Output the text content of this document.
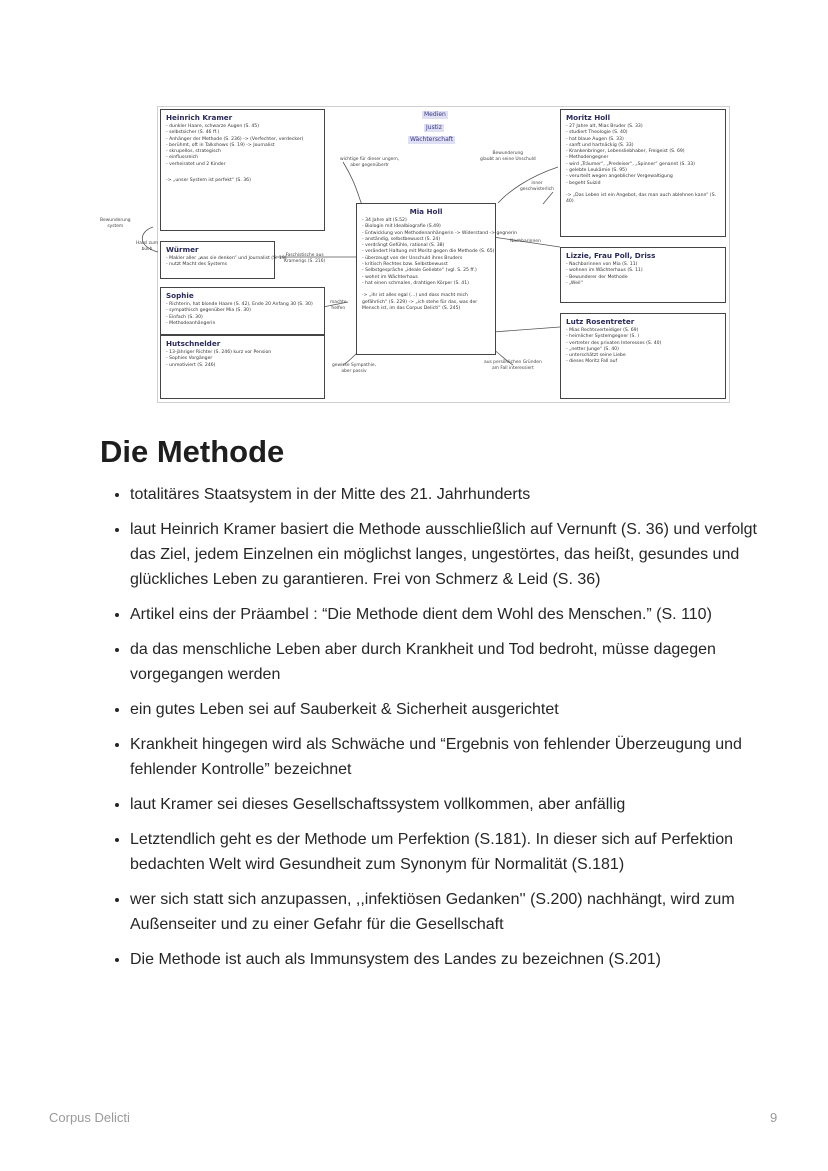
Medien
Justiz
Wächterschaft
Heinrich Kramer
- dunkler Haare, schwarze Augen (S. 45)
- selbstsicher (S. 46 ff.)
- Anhänger der Methode (S. 236) -> (Verfechter, verdecker)
- berühmt, oft in Talkshows (S. 19) -> Journalist
- skrupellos, strategisch
- einflussreich
- verheiratet und 2 Kinder
-> „unser System ist perfekt“ (S. 36)
Würmer
- Makler aller „was sie denken“ und Journalist (S. 19)
- nutzt Macht des Systems
Sophie
- Richterin, hat blonde Haare (S. 42), Ende 20 Anfang 30 (S. 30)
- sympathisch gegenüber Mia (S. 30)
- Einfach (S. 30)
- Methodeanhängerin
Hutschnelder
- 13-jähriger Richter (S. 246) kurz vor Pension
- Sophies Vorgänger
- unmotiviert (S. 246)
Mia Holl
- 34 Jahre alt (S.52)
- Biologin mit Idealbiografie (S.49)
- Entwicklung von Methodenanhängerin -> Widerstand -> gegnerin
- anständig, selbstbewusst (S. 24)
- verdrängt Gefühle, rational (S. 38)
- verändert Haltung mit Moritz gegen die Methode (S. 65)
- überzeugt von der Unschuld ihres Bruders
- kritisch Rechtes bzw. Selbstbewusst
- Selbstgespräche „ideale Geliebte“ (vgl. S. 25 ff.)
- wohnt im Wächterhaus
- hat einen schmalen, drahtigen Körper (S. 41)
-> „ihr ist alles egal (...) und dass macht mich gefährlich“ (S. 229) -> „ich stehe für das, was der Mensch ist, im das Corpus Delicti“ (S. 245)
Moritz Holl
- 27 Jahre alt, Mias Bruder (S. 33)
- studiert Theologie (S. 40)
- hat blaue Augen (S. 33)
- sanft und hartnäckig (S. 33)
- Krankenbringer, Lebensliebhaber, Freigeist (S. 69)
- Methodengegner
- wird „Träumer“, „Predeiser“, „Spinner“ genannt (S. 33)
- gelebte Leukämie (S. 95)
- verurteilt wegen angeblicher Vergewaltigung
- begeht Suizid
-> „Das Leben ist ein Angebot, das man auch ablehnen kann“ (S. 40)
Lizzie, Frau Poll, Driss
- Nachbarinnen von Mia (S. 11)
- wohnen im Wächterhaus (S. 11)
- Bewunderer der Methode
- „Weil“
Lutz Rosentreter
- Mias Rechtsverteidiger (S. 69)
- heimlicher Systemgegner (S. )
- vertreter des privaten Interesses (S. 40)
- „netter Junge“ (S. 40)
- unterschätzt seine Liebe
- dieses Moritz Fall auf
Hatsl zum
buch
Faschistische aus
Kramerigs (S. 216)
wichtige für dieser ungern,
aber gegenübertr
Bewunderung
glaubt an seine Unschuld
inner
geschwisterlich
Nachbarinnen
machte
helfen
gewisse Sympathie,
aber passiv
aus persönlichen Gründen
am Fall interessiert
Bewunderung
system
Die Methode
• totalitäres Staatsystem in der Mitte des 21. Jahrhunderts
• laut Heinrich Kramer basiert die Methode ausschließlich auf Vernunft (S. 36) und verfolgt das Ziel, jedem Einzelnen ein möglichst langes, ungestörtes, das heißt, gesundes und glückliches Leben zu garantieren. Frei von Schmerz & Leid (S. 36)
• Artikel eins der Präambel : “Die Methode dient dem Wohl des Menschen.” (S. 110)
• da das menschliche Leben aber durch Krankheit und Tod bedroht, müsse dagegen vorgegangen werden
• ein gutes Leben sei auf Sauberkeit & Sicherheit ausgerichtet
• Krankheit hingegen wird als Schwäche und “Ergebnis von fehlender Überzeugung und fehlender Kontrolle” bezeichnet
• laut Kramer sei dieses Gesellschaftssystem vollkommen, aber anfällig
• Letztendlich geht es der Methode um Perfektion (S.181). In dieser sich auf Perfektion bedachten Welt wird Gesundheit zum Synonym für Normalität (S.181)
• wer sich statt sich anzupassen, ,,infektiösen Gedanken'' (S.200) nachhängt, wird zum Außenseiter und zu einer Gefahr für die Gesellschaft
• Die Methode ist auch als Immunsystem des Landes zu bezeichnen (S.201)
Corpus Delicti	9
